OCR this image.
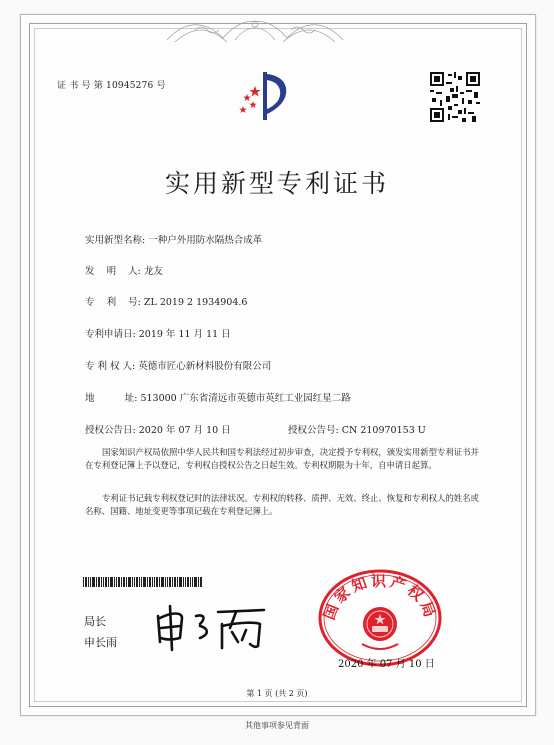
证 书 号 第 10945276 号
实用新型专利证书
实用新型名称: 一种户外用防水隔热合成革
发    明    人: 龙友
专    利    号: ZL 2019 2 1934904.6
专利申请日: 2019 年 11 月 11 日
专 利 权 人: 英德市匠心新材料股份有限公司
地          址: 513000 广东省清远市英德市英红工业园红星二路
授权公告日: 2020 年 07 月 10 日	授权公告号: CN 210970153 U

国家知识产权局依照中华人民共和国专利法经过初步审查，决定授予专利权，颁发实用新型专利证书并在专利登记簿上予以登记，专利权自授权公告之日起生效。专利权期限为十年，自申请日起算。

专利证书记载专利权登记时的法律状况。专利权的转移、质押、无效、终止、恢复和专利权人的姓名或名称、国籍、地址变更等事项记载在专利登记簿上。

局长
申长雨
国家知识产权局
2020 年 07 月 10 日
第 1 页 (共 2 页)
其他事项参见背面
